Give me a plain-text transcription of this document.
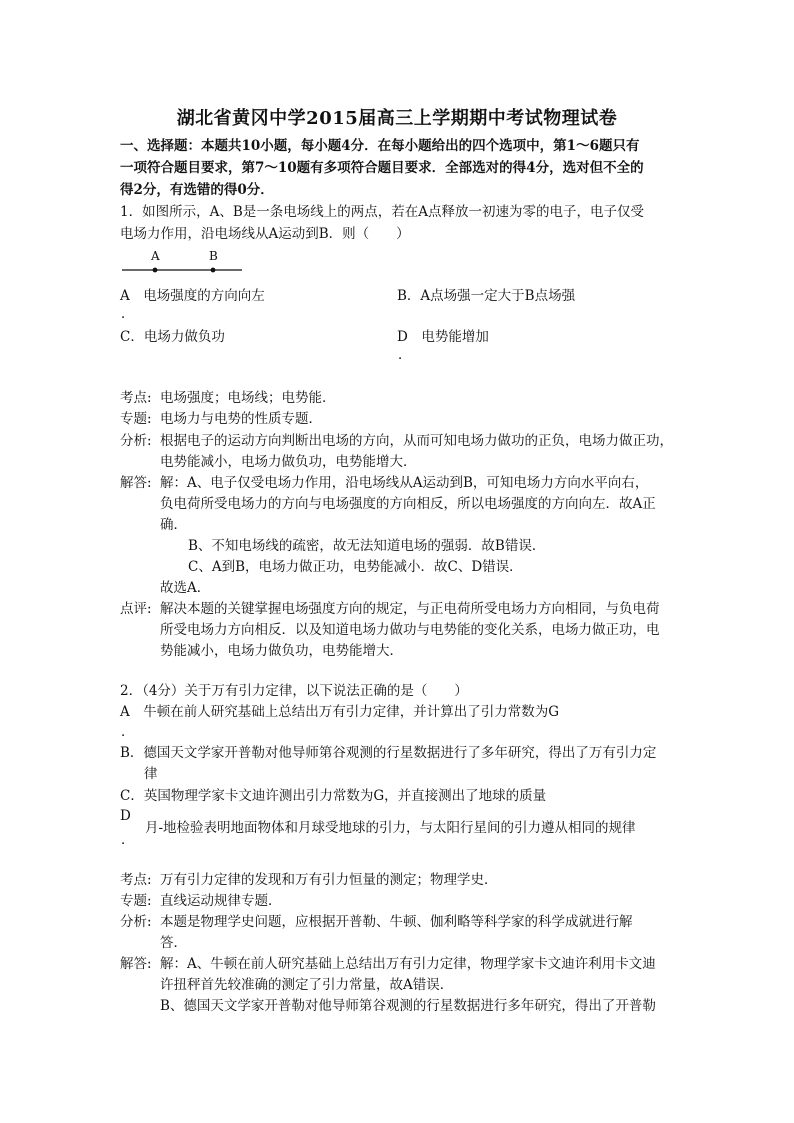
湖北省黄冈中学2015届高三上学期期中考试物理试卷
一、选择题：本题共10小题，每小题4分．在每小题给出的四个选项中，第1～6题只有
一项符合题目要求，第7～10题有多项符合题目要求．全部选对的得4分，选对但不全的
得2分，有选错的得0分．
1．如图所示，A、B是一条电场线上的两点，若在A点释放一初速为零的电子，电子仅受
电场力作用，沿电场线从A运动到B．则（　　）
A	B
A　电场强度的方向向左	B．A点场强一定大于B点场强
．
C．电场力做负功	D　电势能增加
．
考点: 电场强度；电场线；电势能．
专题: 电场力与电势的性质专题．
分析: 根据电子的运动方向判断出电场的方向，从而可知电场力做功的正负，电场力做正功，
电势能减小，电场力做负功，电势能增大．
解答: 解：A、电子仅受电场力作用，沿电场线从A运动到B，可知电场力方向水平向右，
负电荷所受电场力的方向与电场强度的方向相反，所以电场强度的方向向左．故A正
确．
B、不知电场线的疏密，故无法知道电场的强弱．故B错误．
C、A到B，电场力做正功，电势能减小．故C、D错误．
故选A．
点评: 解决本题的关键掌握电场强度方向的规定，与正电荷所受电场力方向相同，与负电荷
所受电场力方向相反．以及知道电场力做功与电势能的变化关系，电场力做正功，电
势能减小，电场力做负功，电势能增大．
2．（4分）关于万有引力定律，以下说法正确的是（　　）
A　牛顿在前人研究基础上总结出万有引力定律，并计算出了引力常数为G
．
B．德国天文学家开普勒对他导师第谷观测的行星数据进行了多年研究，得出了万有引力定
律
C．英国物理学家卡文迪许测出引力常数为G，并直接测出了地球的质量
D
月-地检验表明地面物体和月球受地球的引力，与太阳行星间的引力遵从相同的规律
．
考点: 万有引力定律的发现和万有引力恒量的测定；物理学史．
专题: 直线运动规律专题．
分析: 本题是物理学史问题，应根据开普勒、牛顿、伽利略等科学家的科学成就进行解
答．
解答: 解：A、牛顿在前人研究基础上总结出万有引力定律，物理学家卡文迪许利用卡文迪
许扭秤首先较准确的测定了引力常量，故A错误．
B、德国天文学家开普勒对他导师第谷观测的行星数据进行多年研究，得出了开普勒
